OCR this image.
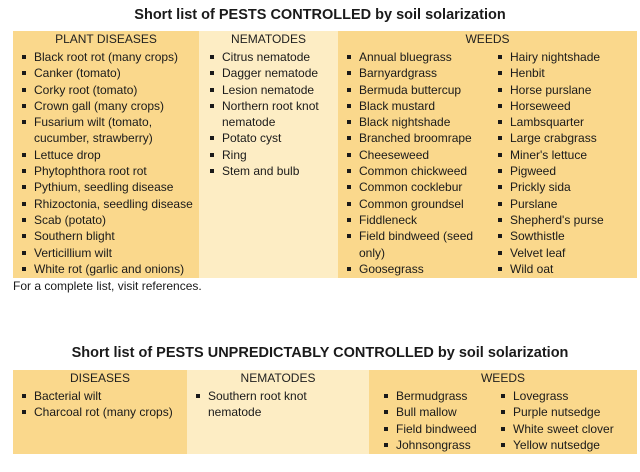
Short list of PESTS CONTROLLED by soil solarization
PLANT DISEASES
Black root rot (many crops)
Canker (tomato)
Corky root (tomato)
Crown gall (many crops)
Fusarium wilt (tomato,
cucumber, strawberry)
Lettuce drop
Phytophthora root rot
Pythium, seedling disease
Rhizoctonia, seedling disease
Scab (potato)
Southern blight
Verticillium wilt
White rot (garlic and onions)
NEMATODES
Citrus nematode
Dagger nematode
Lesion nematode
Northern root knot
nematode
Potato cyst
Ring
Stem and bulb
WEEDS
Annual bluegrass
Barnyardgrass
Bermuda buttercup
Black mustard
Black nightshade
Branched broomrape
Cheeseweed
Common chickweed
Common cocklebur
Common groundsel
Fiddleneck
Field bindweed (seed
only)
Goosegrass
Hairy nightshade
Henbit
Horse purslane
Horseweed
Lambsquarter
Large crabgrass
Miner's lettuce
Pigweed
Prickly sida
Purslane
Shepherd's purse
Sowthistle
Velvet leaf
Wild oat
For a complete list, visit references.
Short list of PESTS UNPREDICTABLY CONTROLLED by soil solarization
DISEASES
Bacterial wilt
Charcoal rot (many crops)
NEMATODES
Southern root knot
nematode
WEEDS
Bermudgrass
Bull mallow
Field bindweed
Johnsongrass
Lovegrass
Purple nutsedge
White sweet clover
Yellow nutsedge
